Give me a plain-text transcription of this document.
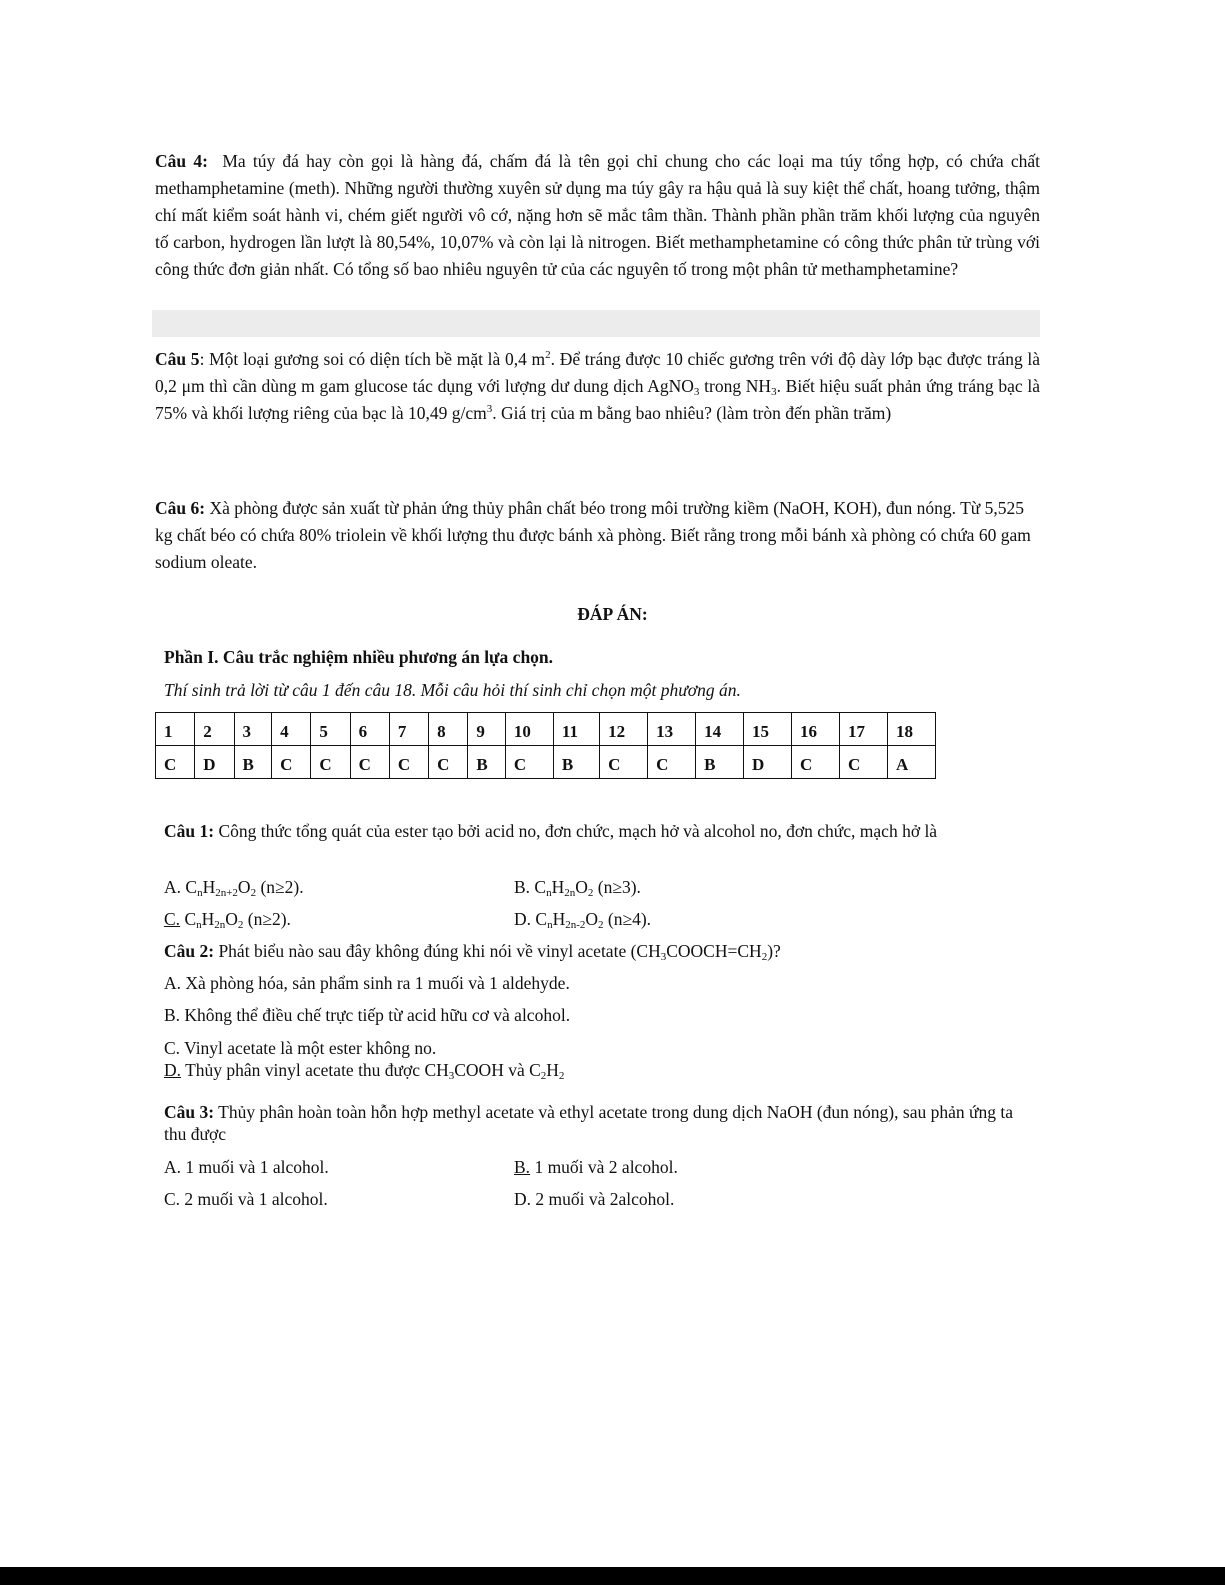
Câu 4: Ma túy đá hay còn gọi là hàng đá, chấm đá là tên gọi chỉ chung cho các loại ma túy tổng hợp, có chứa chất methamphetamine (meth). Những người thường xuyên sử dụng ma túy gây ra hậu quả là suy kiệt thể chất, hoang tưởng, thậm chí mất kiểm soát hành vi, chém giết người vô cớ, nặng hơn sẽ mắc tâm thần. Thành phần phần trăm khối lượng của nguyên tố carbon, hydrogen lần lượt là 80,54%, 10,07% và còn lại là nitrogen. Biết methamphetamine có công thức phân tử trùng với công thức đơn giản nhất. Có tổng số bao nhiêu nguyên tử của các nguyên tố trong một phân tử methamphetamine?
Câu 5: Một loại gương soi có diện tích bề mặt là 0,4 $m^2$. Để tráng được 10 chiếc gương trên với độ dày lớp bạc được tráng là 0,2 μm thì cần dùng m gam glucose tác dụng với lượng dư dung dịch AgNO$_3$ trong $NH_3$. Biết hiệu suất phản ứng tráng bạc là 75% và khối lượng riêng của bạc là 10,49 $g/cm^3$. Giá trị của m bằng bao nhiêu? (làm tròn đến phần trăm)
Câu 6: Xà phòng được sản xuất từ phản ứng thủy phân chất béo trong môi trường kiềm (NaOH, KOH), đun nóng. Từ 5,525 kg chất béo có chứa 80% triolein về khối lượng thu được bánh xà phòng. Biết rằng trong mỗi bánh xà phòng có chứa 60 gam sodium oleate.
ĐÁP ÁN:
Phần I. Câu trắc nghiệm nhiều phương án lựa chọn.
Thí sinh trả lời từ câu 1 đến câu 18. Mỗi câu hỏi thí sinh chỉ chọn một phương án.
1	2	3	4	5	6	7	8	9	10	11	12	13	14	15	16	17	18
C	D	B	C	C	C	C	C	B	C	B	C	C	B	D	C	C	A
Câu 1: Công thức tổng quát của ester tạo bởi acid no, đơn chức, mạch hở và alcohol no, đơn chức, mạch hở là
A. $C_nH_{2n+2}O_2$ (n≥2).	B. $C_nH_{2n}O_2$ (n≥3).
C. $C_nH_{2n}O_2$ (n≥2).	D. $C_nH_{2n-2}O_2$ (n≥4).
Câu 2: Phát biểu nào sau đây không đúng khi nói về vinyl acetate $(CH_3COOCH=CH_2)$?
A. Xà phòng hóa, sản phẩm sinh ra 1 muối và 1 aldehyde.
B. Không thể điều chế trực tiếp từ acid hữu cơ và alcohol.
C. Vinyl acetate là một ester không no.
D. Thủy phân vinyl acetate thu được $CH_3COOH$ và $C_2H_2$
Câu 3: Thủy phân hoàn toàn hỗn hợp methyl acetate và ethyl acetate trong dung dịch NaOH (đun nóng), sau phản ứng ta thu được
A. 1 muối và 1 alcohol.	B. 1 muối và 2 alcohol.
C. 2 muối và 1 alcohol.	D. 2 muối và 2alcohol.
